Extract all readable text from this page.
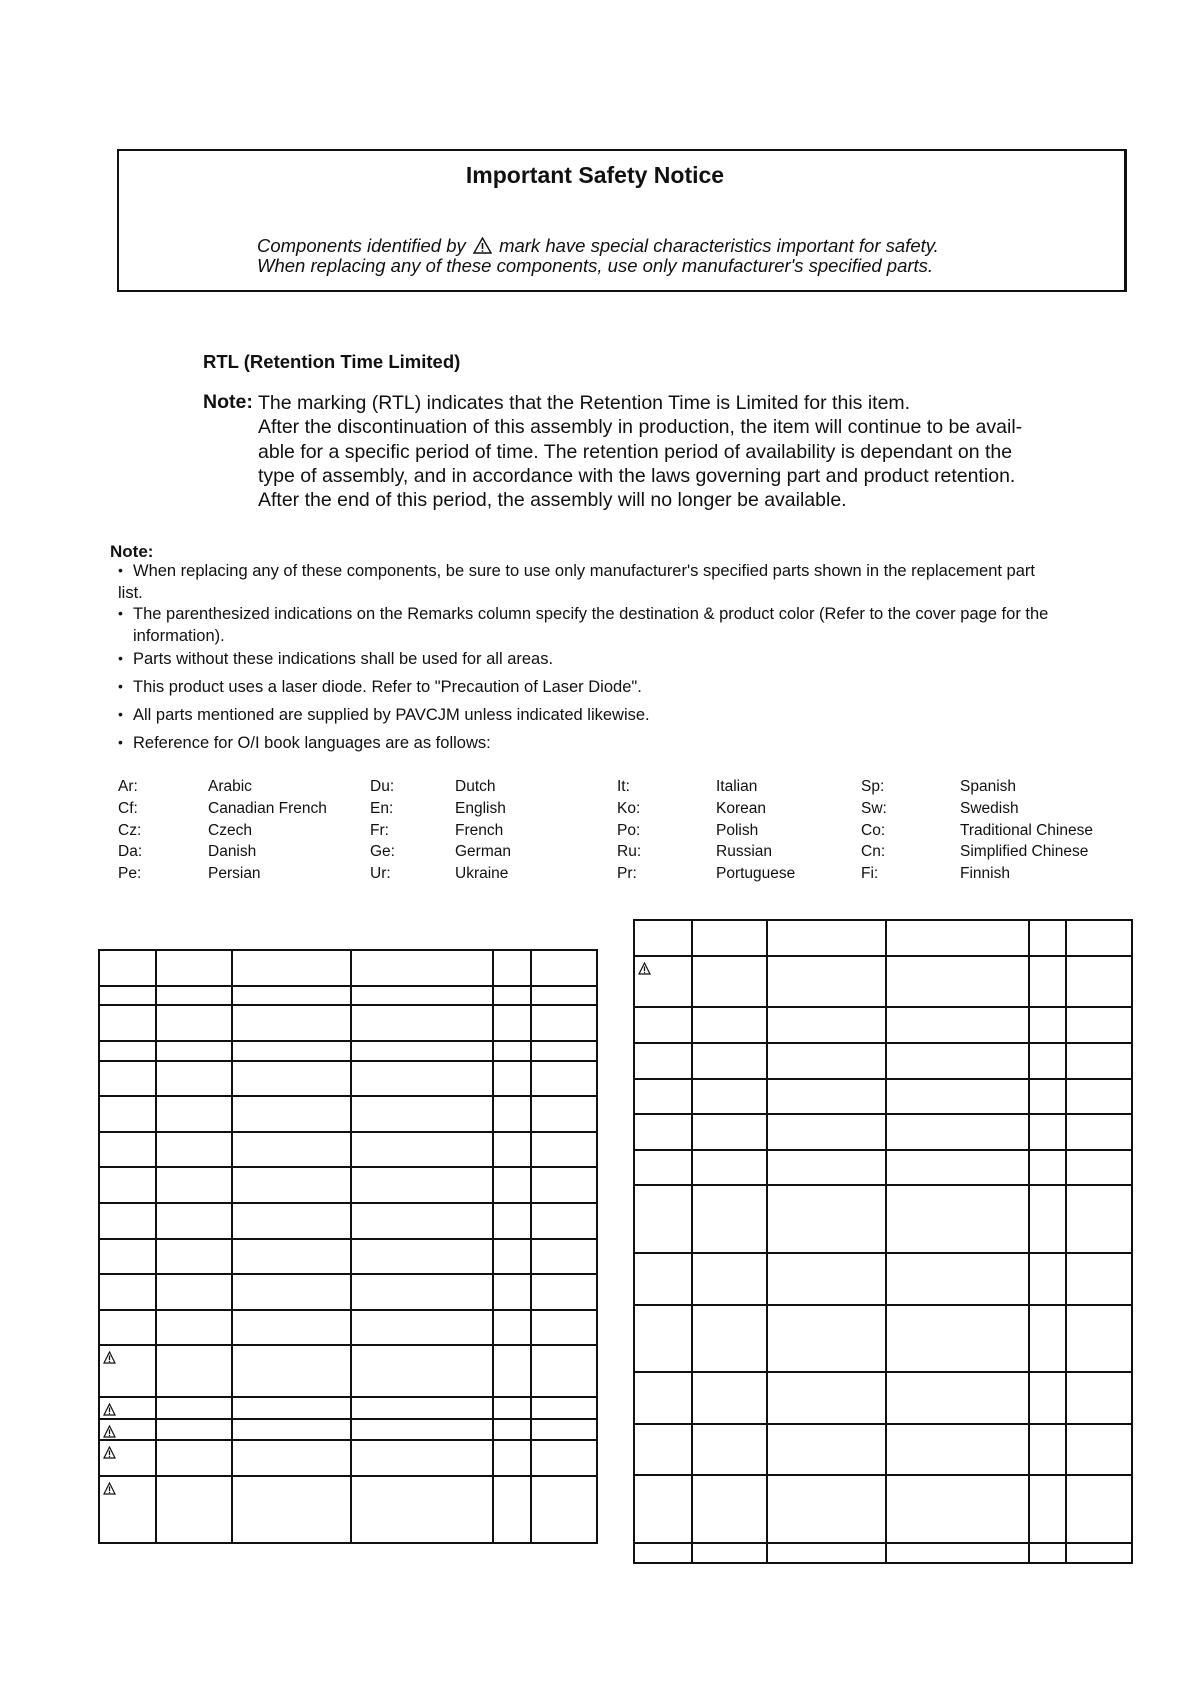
Important Safety Notice
Components identified by mark have special characteristics important for safety.
When replacing any of these components, use only manufacturer's specified parts.
RTL (Retention Time Limited)
Note: The marking (RTL) indicates that the Retention Time is Limited for this item.
After the discontinuation of this assembly in production, the item will continue to be avail-
able for a specific period of time. The retention period of availability is dependant on the
type of assembly, and in accordance with the laws governing part and product retention.
After the end of this period, the assembly will no longer be available.
Note:
• When replacing any of these components, be sure to use only manufacturer's specified parts shown in the replacement part
list.
• The parenthesized indications on the Remarks column specify the destination & product color (Refer to the cover page for the
information).
• Parts without these indications shall be used for all areas.
• This product uses a laser diode. Refer to "Precaution of Laser Diode".
• All parts mentioned are supplied by PAVCJM unless indicated likewise.
• Reference for O/I book languages are as follows:
Ar:	Arabic	Du:	Dutch	It:	Italian	Sp:	Spanish
Cf:	Canadian French	En:	English	Ko:	Korean	Sw:	Swedish
Cz:	Czech	Fr:	French	Po:	Polish	Co:	Traditional Chinese
Da:	Danish	Ge:	German	Ru:	Russian	Cn:	Simplified Chinese
Pe:	Persian	Ur:	Ukraine	Pr:	Portuguese	Fi:	Finnish
